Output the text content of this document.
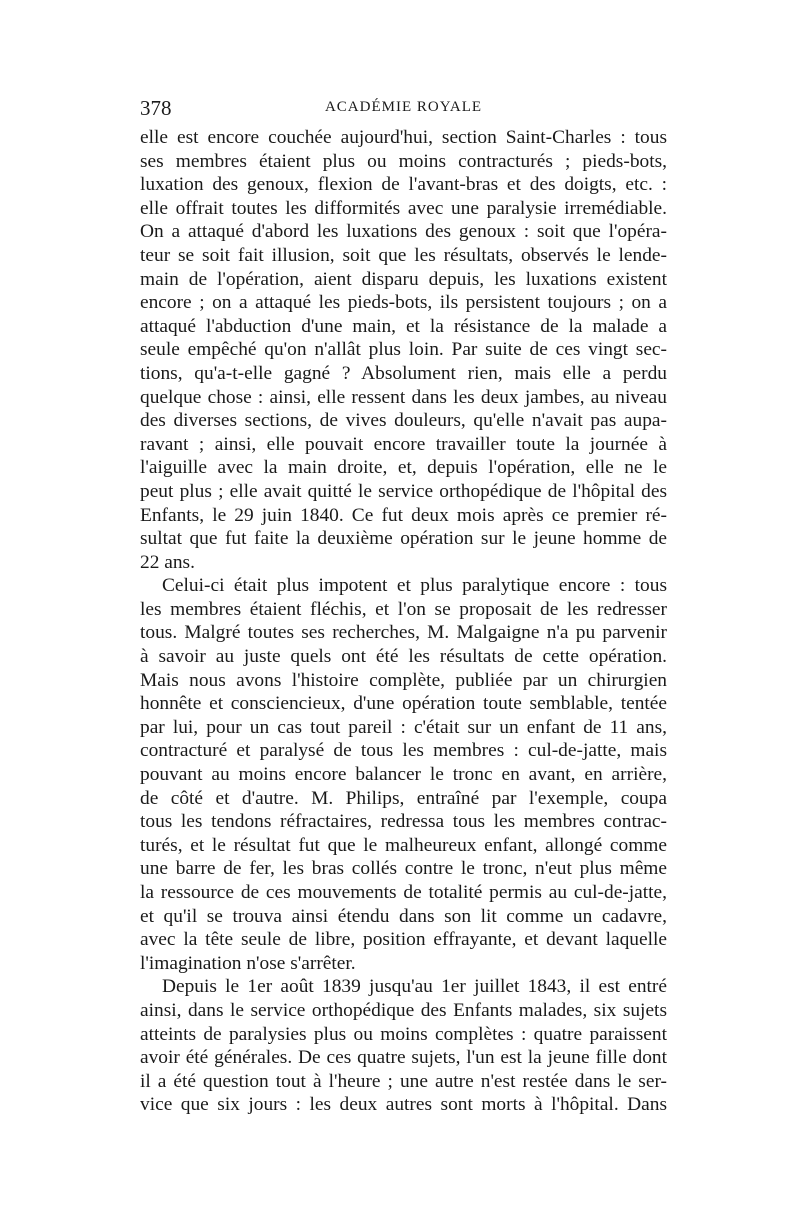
378	ACADÉMIE ROYALE
elle est encore couchée aujourd'hui, section Saint-Charles : tous
ses membres étaient plus ou moins contracturés ; pieds-bots,
luxation des genoux, flexion de l'avant-bras et des doigts, etc. :
elle offrait toutes les difformités avec une paralysie irremédiable.
On a attaqué d'abord les luxations des genoux : soit que l'opéra-
teur se soit fait illusion, soit que les résultats, observés le lende-
main de l'opération, aient disparu depuis, les luxations existent
encore ; on a attaqué les pieds-bots, ils persistent toujours ; on a
attaqué l'abduction d'une main, et la résistance de la malade a
seule empêché qu'on n'allât plus loin. Par suite de ces vingt sec-
tions, qu'a-t-elle gagné ? Absolument rien, mais elle a perdu
quelque chose : ainsi, elle ressent dans les deux jambes, au niveau
des diverses sections, de vives douleurs, qu'elle n'avait pas aupa-
ravant ; ainsi, elle pouvait encore travailler toute la journée à
l'aiguille avec la main droite, et, depuis l'opération, elle ne le
peut plus ; elle avait quitté le service orthopédique de l'hôpital des
Enfants, le 29 juin 1840. Ce fut deux mois après ce premier ré-
sultat que fut faite la deuxième opération sur le jeune homme de
22 ans.
Celui-ci était plus impotent et plus paralytique encore : tous
les membres étaient fléchis, et l'on se proposait de les redresser
tous. Malgré toutes ses recherches, M. Malgaigne n'a pu parvenir
à savoir au juste quels ont été les résultats de cette opération.
Mais nous avons l'histoire complète, publiée par un chirurgien
honnête et consciencieux, d'une opération toute semblable, tentée
par lui, pour un cas tout pareil : c'était sur un enfant de 11 ans,
contracturé et paralysé de tous les membres : cul-de-jatte, mais
pouvant au moins encore balancer le tronc en avant, en arrière,
de côté et d'autre. M. Philips, entraîné par l'exemple, coupa
tous les tendons réfractaires, redressa tous les membres contrac-
turés, et le résultat fut que le malheureux enfant, allongé comme
une barre de fer, les bras collés contre le tronc, n'eut plus même
la ressource de ces mouvements de totalité permis au cul-de-jatte,
et qu'il se trouva ainsi étendu dans son lit comme un cadavre,
avec la tête seule de libre, position effrayante, et devant laquelle
l'imagination n'ose s'arrêter.
Depuis le 1er août 1839 jusqu'au 1er juillet 1843, il est entré
ainsi, dans le service orthopédique des Enfants malades, six sujets
atteints de paralysies plus ou moins complètes : quatre paraissent
avoir été générales. De ces quatre sujets, l'un est la jeune fille dont
il a été question tout à l'heure ; une autre n'est restée dans le ser-
vice que six jours : les deux autres sont morts à l'hôpital. Dans
